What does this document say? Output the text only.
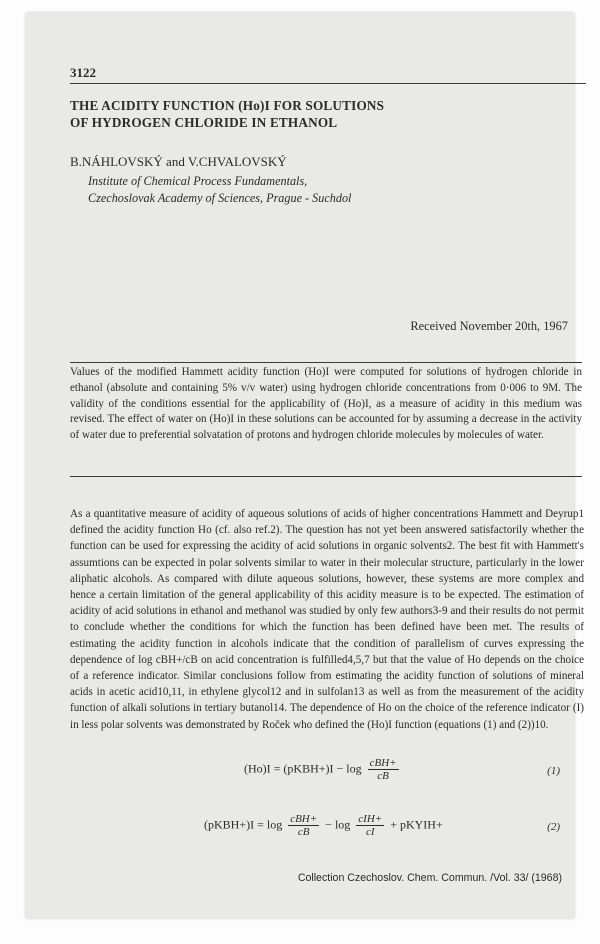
3122
THE ACIDITY FUNCTION (Ho)I FOR SOLUTIONS
OF HYDROGEN CHLORIDE IN ETHANOL
B.NÁHLOVSKÝ and V.CHVALOVSKÝ
Institute of Chemical Process Fundamentals,
Czechoslovak Academy of Sciences, Prague - Suchdol
Received November 20th, 1967
Values of the modified Hammett acidity function (Ho)I were computed for solutions of hydrogen chloride in ethanol (absolute and containing 5% v/v water) using hydrogen chloride concentrations from 0·006 to 9M. The validity of the conditions essential for the applicability of (Ho)I, as a measure of acidity in this medium was revised. The effect of water on (Ho)I in these solutions can be accounted for by assuming a decrease in the activity of water due to preferential solvatation of protons and hydrogen chloride molecules by molecules of water.
As a quantitative measure of acidity of aqueous solutions of acids of higher concentrations Hammett and Deyrup1 defined the acidity function Ho (cf. also ref.2). The question has not yet been answered satisfactorily whether the function can be used for expressing the acidity of acid solutions in organic solvents2. The best fit with Hammett's assumtions can be expected in polar solvents similar to water in their molecular structure, particularly in the lower aliphatic alcohols. As compared with dilute aqueous solutions, however, these systems are more complex and hence a certain limitation of the general applicability of this acidity measure is to be expected. The estimation of acidity of acid solutions in ethanol and methanol was studied by only few authors3-9 and their results do not permit to conclude whether the conditions for which the function has been defined have been met. The results of estimating the acidity function in alcohols indicate that the condition of parallelism of curves expressing the dependence of log cBH+/cB on acid concentration is fulfilled4,5,7 but that the value of Ho depends on the choice of a reference indicator. Similar conclusions follow from estimating the acidity function of solutions of mineral acids in acetic acid10,11, in ethylene glycol12 and in sulfolan13 as well as from the measurement of the acidity function of alkali solutions in tertiary butanol14. The dependence of Ho on the choice of the reference indicator (I) in less polar solvents was demonstrated by Roček who defined the (Ho)I function (equations (1) and (2))10.
(Ho)I = (pKBH+)I − $\log \frac{\text{cBH+}}{cB}$	(1)
(pKBH+)I = $\log \frac{\text{cBH+}}{cB} - \log \frac{\text{cIH+}}{cI}$ + pKYIH+	(2)
Collection Czechoslov. Chem. Commun. /Vol. 33/ (1968)
